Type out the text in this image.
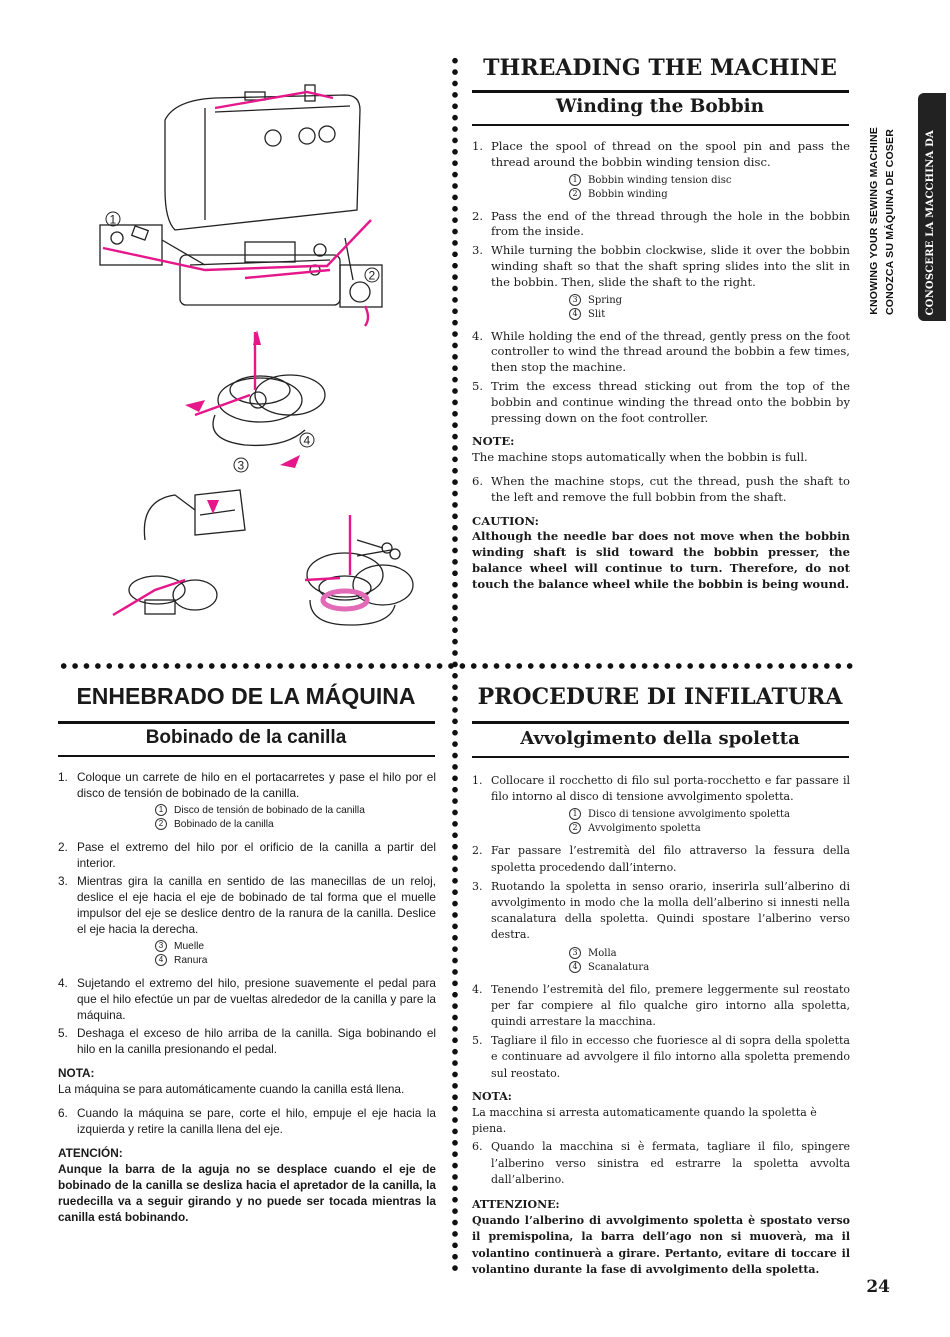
KNOWING YOUR SEWING MACHINE CONOZCA SU MÁQUINA DE COSER	CONOSCERE LA MACCHINA DA
1
2
3
4
THREADING THE MACHINE
Winding the Bobbin
1. Place the spool of thread on the spool pin and pass the thread around the bobbin winding tension disc.
1 Bobbin winding tension disc
2 Bobbin winding
2. Pass the end of the thread through the hole in the bobbin from the inside.
3. While turning the bobbin clockwise, slide it over the bobbin winding shaft so that the shaft spring slides into the slit in the bobbin. Then, slide the shaft to the right.
3 Spring
4 Slit
4. While holding the end of the thread, gently press on the foot controller to wind the thread around the bobbin a few times, then stop the machine.
5. Trim the excess thread sticking out from the top of the bobbin and continue winding the thread onto the bobbin by pressing down on the foot controller.
NOTE:
The machine stops automatically when the bobbin is full.
6. When the machine stops, cut the thread, push the shaft to the left and remove the full bobbin from the shaft.
CAUTION:
Although the needle bar does not move when the bobbin winding shaft is slid toward the bobbin presser, the balance wheel will continue to turn. Therefore, do not touch the balance wheel while the bobbin is being wound.
ENHEBRADO DE LA MÁQUINA
Bobinado de la canilla
1. Coloque un carrete de hilo en el portacarretes y pase el hilo por el disco de tensión de bobinado de la canilla.
1 Disco de tensión de bobinado de la canilla
2 Bobinado de la canilla
2. Pase el extremo del hilo por el orificio de la canilla a partir del interior.
3. Mientras gira la canilla en sentido de las manecillas de un reloj, deslice el eje hacia el eje de bobinado de tal forma que el muelle impulsor del eje se deslice dentro de la ranura de la canilla. Deslice el eje hacia la derecha.
3 Muelle
4 Ranura
4. Sujetando el extremo del hilo, presione suavemente el pedal para que el hilo efectúe un par de vueltas alrededor de la canilla y pare la máquina.
5. Deshaga el exceso de hilo arriba de la canilla. Siga bobinando el hilo en la canilla presionando el pedal.
NOTA:
La máquina se para automáticamente cuando la canilla está llena.
6. Cuando la máquina se pare, corte el hilo, empuje el eje hacia la izquierda y retire la canilla llena del eje.
ATENCIÓN:
Aunque la barra de la aguja no se desplace cuando el eje de bobinado de la canilla se desliza hacia el apretador de la canilla, la ruedecilla va a seguir girando y no puede ser tocada mientras la canilla está bobinando.
PROCEDURE DI INFILATURA
Avvolgimento della spoletta
1. Collocare il rocchetto di filo sul porta-rocchetto e far passare il filo intorno al disco di tensione avvolgimento spoletta.
1 Disco di tensione avvolgimento spoletta
2 Avvolgimento spoletta
2. Far passare l’estremità del filo attraverso la fessura della spoletta procedendo dall’interno.
3. Ruotando la spoletta in senso orario, inserirla sull’alberino di avvolgimento in modo che la molla dell’alberino si innesti nella scanalatura della spoletta. Quindi spostare l’alberino verso destra.
3 Molla
4 Scanalatura
4. Tenendo l’estremità del filo, premere leggermente sul reostato per far compiere al filo qualche giro intorno alla spoletta, quindi arrestare la macchina.
5. Tagliare il filo in eccesso che fuoriesce al di sopra della spoletta e continuare ad avvolgere il filo intorno alla spoletta premendo sul reostato.
NOTA:
La macchina si arresta automaticamente quando la spoletta è piena.
6. Quando la macchina si è fermata, tagliare il filo, spingere l’alberino verso sinistra ed estrarre la spoletta avvolta dall’alberino.
ATTENZIONE:
Quando l’alberino di avvolgimento spoletta è spostato verso il premispolina, la barra dell’ago non si muoverà, ma il volantino continuerà a girare. Pertanto, evitare di toccare il volantino durante la fase di avvolgimento della spoletta.
24
